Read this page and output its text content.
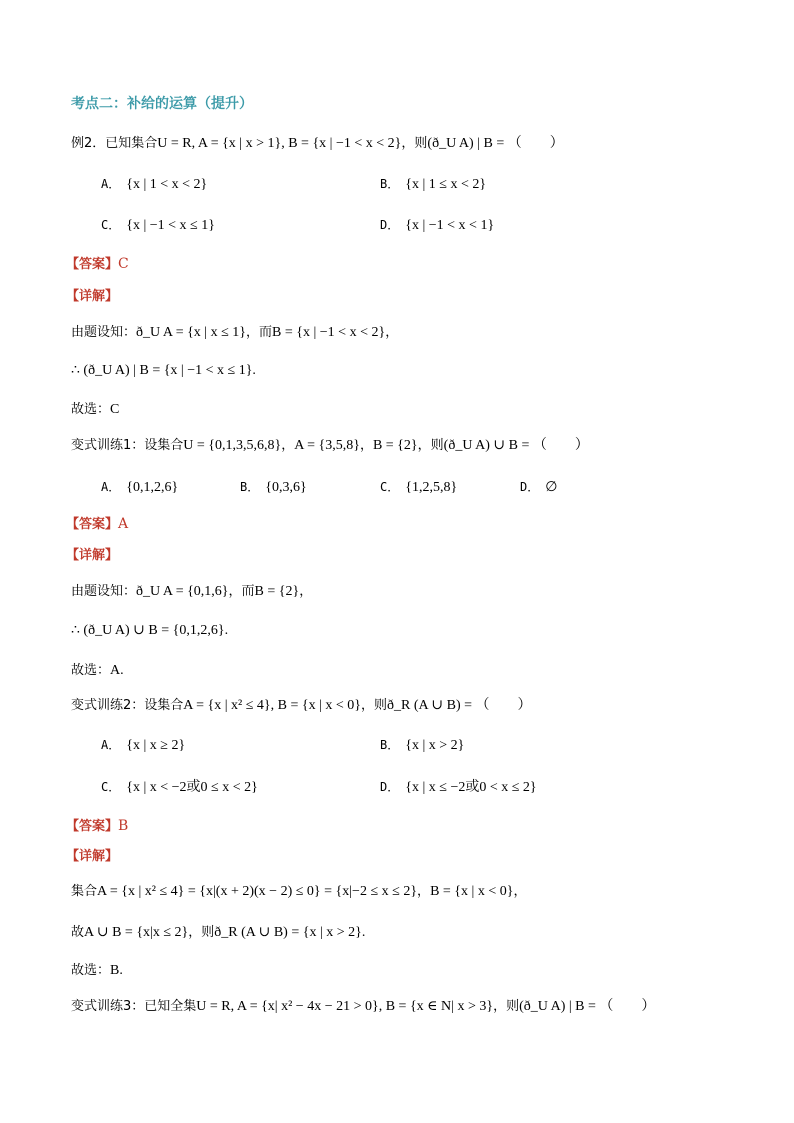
考点二：补给的运算（提升）
例2．已知集合U = R, A = {x | x > 1}, B = {x | −1 < x < 2}，则(ð_U A) | B = （　　）
A． {x | 1 < x < 2}	B． {x | 1 ≤ x < 2}
C． {x | −1 < x ≤ 1}	D． {x | −1 < x < 1}
【答案】C
【详解】
由题设知：ð_U A = {x | x ≤ 1}，而B = {x | −1 < x < 2}，
∴ (ð_U A) | B = {x | −1 < x ≤ 1}.
故选：C
变式训练1：设集合U = {0,1,3,5,6,8}，A = {3,5,8}，B = {2}，则(ð_U A) ∪ B = （　　）
A． {0,1,2,6}	B． {0,3,6}	C． {1,2,5,8}	D． ∅
【答案】A
【详解】
由题设知：ð_U A = {0,1,6}，而B = {2}，
∴ (ð_U A) ∪ B = {0,1,2,6}.
故选：A.
变式训练2：设集合A = {x | x² ≤ 4}, B = {x | x < 0}，则ð_R (A ∪ B) = （　　）
A． {x | x ≥ 2}	B． {x | x > 2}
C． {x | x < −2或0 ≤ x < 2}	D． {x | x ≤ −2或0 < x ≤ 2}
【答案】B
【详解】
集合A = {x | x² ≤ 4} = {x|(x + 2)(x − 2) ≤ 0} = {x|−2 ≤ x ≤ 2}，B = {x | x < 0}，
故A ∪ B = {x|x ≤ 2}，则ð_R (A ∪ B) = {x | x > 2}.
故选：B.
变式训练3：已知全集U = R, A = {x| x² − 4x − 21 > 0}, B = {x ∈ N| x > 3}，则(ð_U A) | B = （　　）
